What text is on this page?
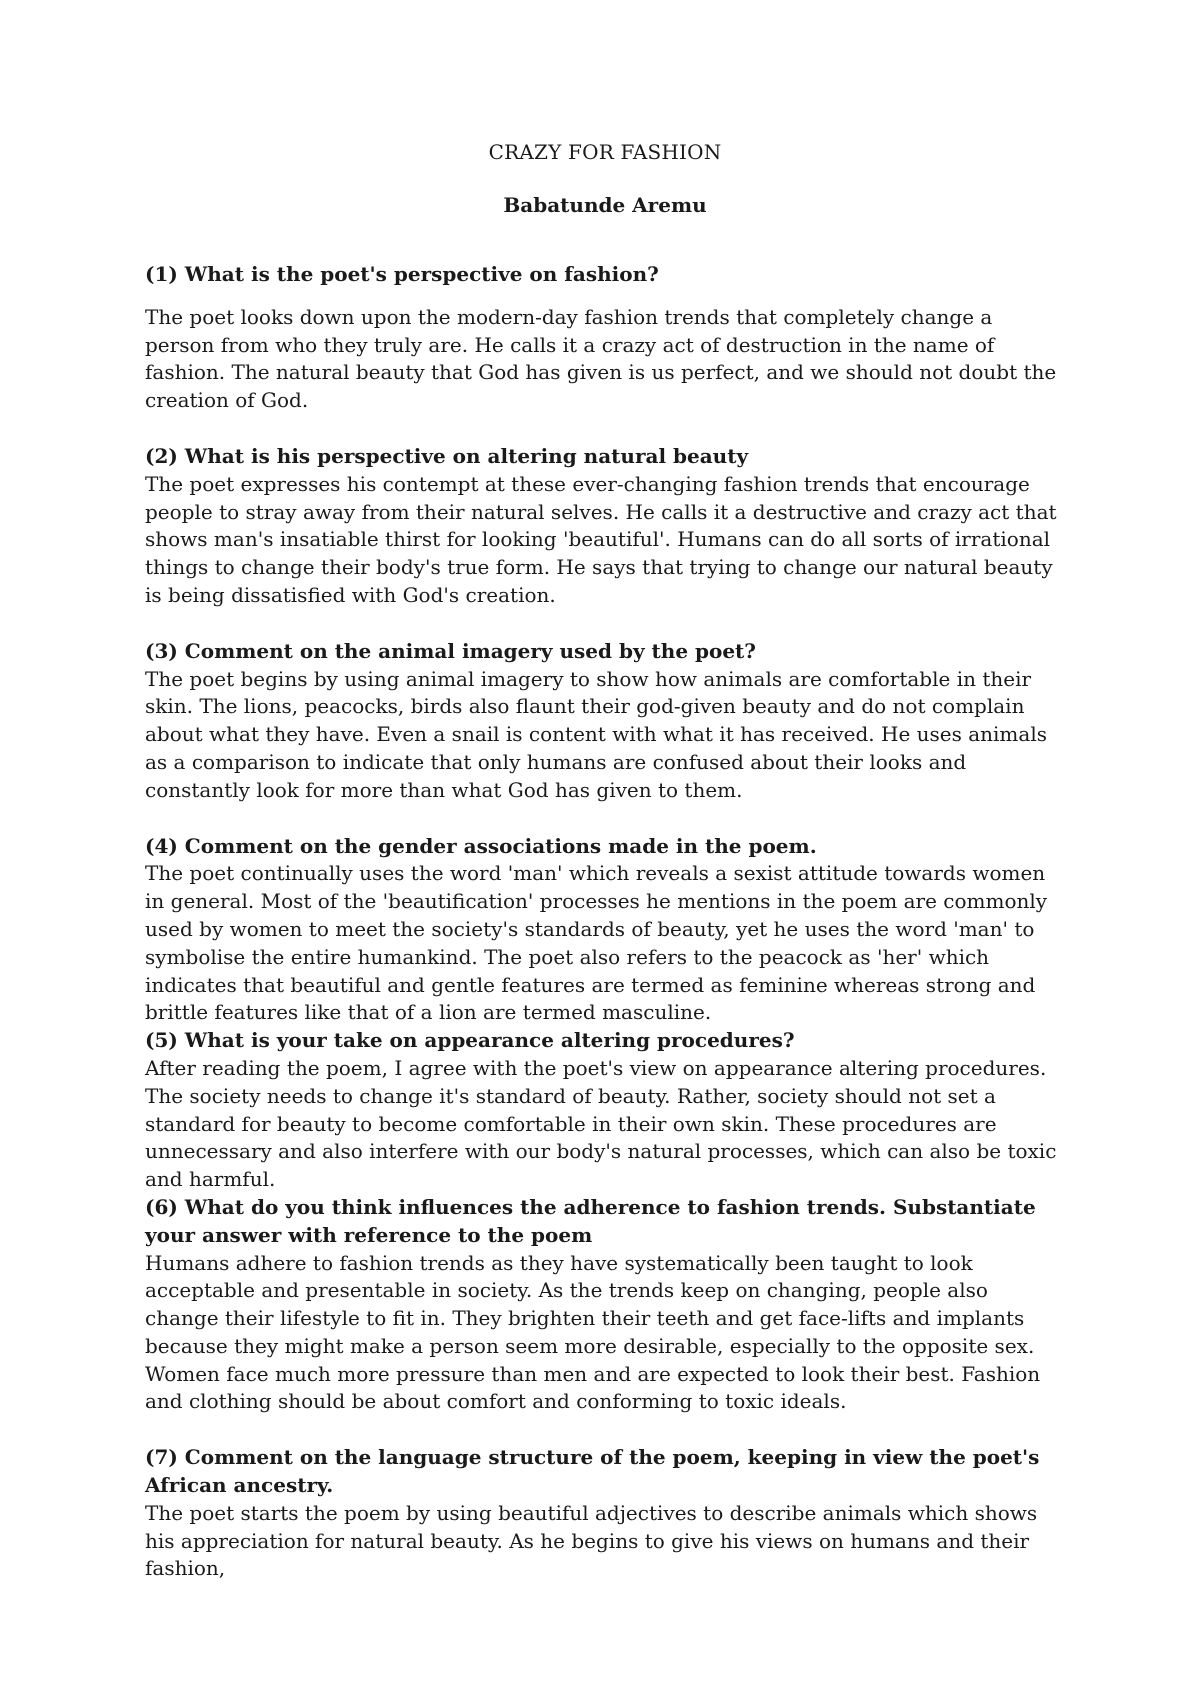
CRAZY FOR FASHION

Babatunde Aremu

(1) What is the poet's perspective on fashion?

The poet looks down upon the modern-day fashion trends that completely change a person from who they truly are. He calls it a crazy act of destruction in the name of fashion. The natural beauty that God has given is us perfect, and we should not doubt the creation of God.

(2) What is his perspective on altering natural beauty

The poet expresses his contempt at these ever-changing fashion trends that encourage people to stray away from their natural selves. He calls it a destructive and crazy act that shows man's insatiable thirst for looking 'beautiful'. Humans can do all sorts of irrational things to change their body's true form. He says that trying to change our natural beauty is being dissatisfied with God's creation.

(3) Comment on the animal imagery used by the poet?

The poet begins by using animal imagery to show how animals are comfortable in their skin. The lions, peacocks, birds also flaunt their god-given beauty and do not complain about what they have. Even a snail is content with what it has received. He uses animals as a comparison to indicate that only humans are confused about their looks and constantly look for more than what God has given to them.

(4) Comment on the gender associations made in the poem.

The poet continually uses the word 'man' which reveals a sexist attitude towards women in general. Most of the 'beautification' processes he mentions in the poem are commonly used by women to meet the society's standards of beauty, yet he uses the word 'man' to symbolise the entire humankind. The poet also refers to the peacock as 'her' which indicates that beautiful and gentle features are termed as feminine whereas strong and brittle features like that of a lion are termed masculine.

(5) What is your take on appearance altering procedures?

After reading the poem, I agree with the poet's view on appearance altering procedures. The society needs to change it's standard of beauty. Rather, society should not set a standard for beauty to become comfortable in their own skin. These procedures are unnecessary and also interfere with our body's natural processes, which can also be toxic and harmful.

(6) What do you think influences the adherence to fashion trends. Substantiate your answer with reference to the poem

Humans adhere to fashion trends as they have systematically been taught to look acceptable and presentable in society. As the trends keep on changing, people also change their lifestyle to fit in. They brighten their teeth and get face-lifts and implants because they might make a person seem more desirable, especially to the opposite sex. Women face much more pressure than men and are expected to look their best. Fashion and clothing should be about comfort and conforming to toxic ideals.

(7) Comment on the language structure of the poem, keeping in view the poet's African ancestry.

The poet starts the poem by using beautiful adjectives to describe animals which shows his appreciation for natural beauty. As he begins to give his views on humans and their fashion,
